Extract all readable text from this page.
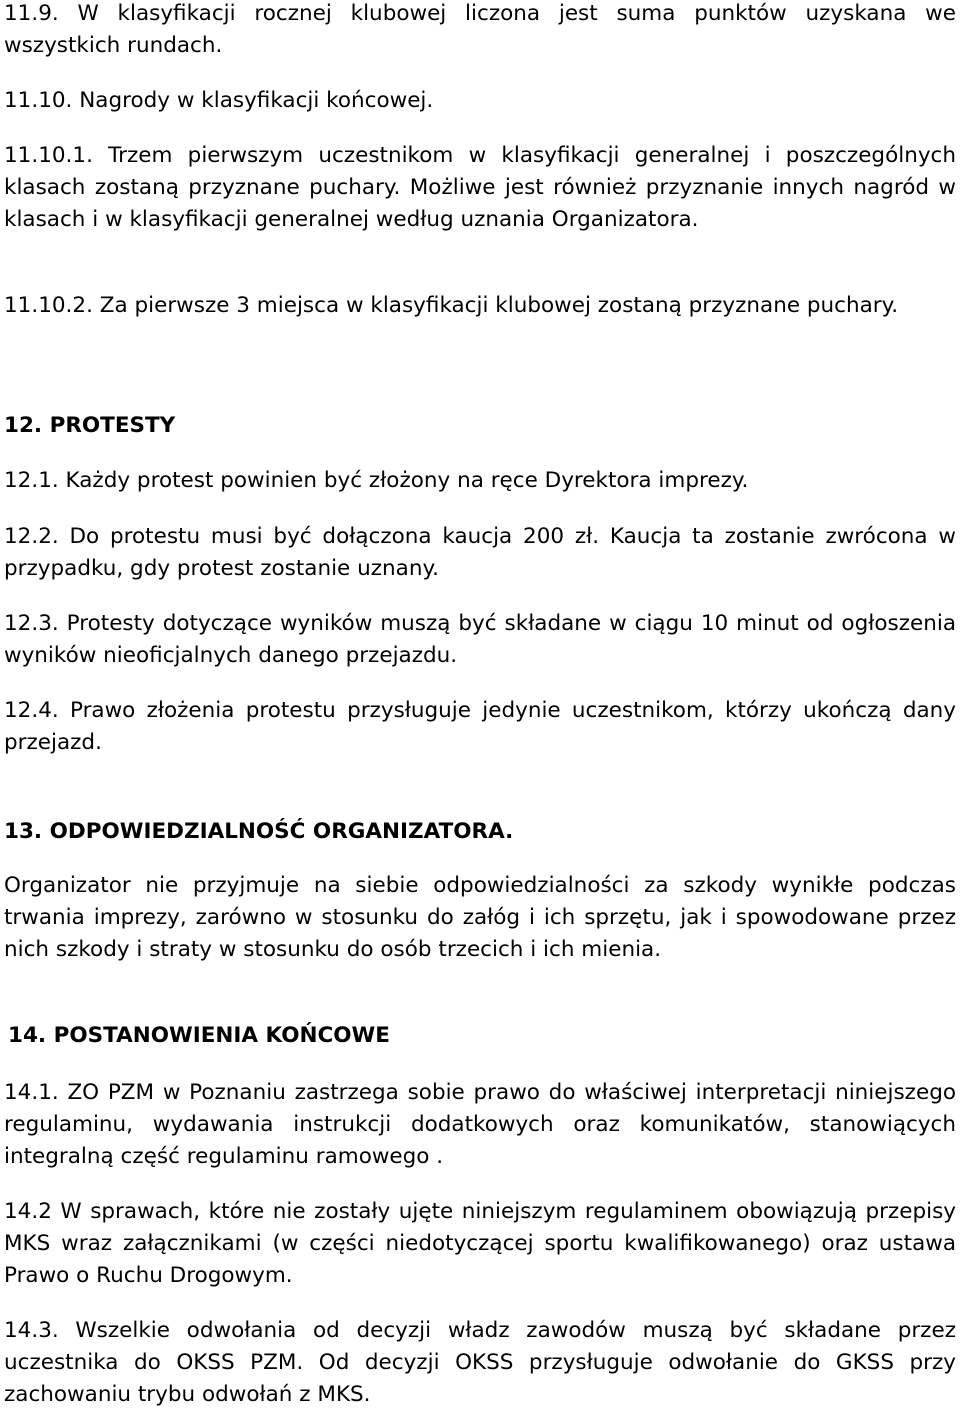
11.9. W klasyfikacji rocznej klubowej liczona jest suma punktów uzyskana we wszystkich rundach.

11.10. Nagrody w klasyfikacji końcowej.

11.10.1. Trzem pierwszym uczestnikom w klasyfikacji generalnej i poszczególnych klasach zostaną przyznane puchary. Możliwe jest również przyznanie innych nagród w klasach i w klasyfikacji generalnej według uznania Organizatora.

11.10.2. Za pierwsze 3 miejsca w klasyfikacji klubowej zostaną przyznane puchary.

12. PROTESTY

12.1. Każdy protest powinien być złożony na ręce Dyrektora imprezy.

12.2. Do protestu musi być dołączona kaucja 200 zł. Kaucja ta zostanie zwrócona w przypadku, gdy protest zostanie uznany.

12.3. Protesty dotyczące wyników muszą być składane w ciągu 10 minut od ogłoszenia wyników nieoficjalnych danego przejazdu.

12.4. Prawo złożenia protestu przysługuje jedynie uczestnikom, którzy ukończą dany przejazd.

13. ODPOWIEDZIALNOŚĆ ORGANIZATORA.

Organizator nie przyjmuje na siebie odpowiedzialności za szkody wynikłe podczas trwania imprezy, zarówno w stosunku do załóg i ich sprzętu, jak i spowodowane przez nich szkody i straty w stosunku do osób trzecich i ich mienia.

14. POSTANOWIENIA KOŃCOWE

14.1. ZO PZM w Poznaniu zastrzega sobie prawo do właściwej interpretacji niniejszego regulaminu, wydawania instrukcji dodatkowych oraz komunikatów, stanowiących integralną część regulaminu ramowego .

14.2 W sprawach, które nie zostały ujęte niniejszym regulaminem obowiązują przepisy MKS wraz załącznikami (w części niedotyczącej sportu kwalifikowanego) oraz ustawa Prawo o Ruchu Drogowym.

14.3. Wszelkie odwołania od decyzji władz zawodów muszą być składane przez uczestnika do OKSS PZM. Od decyzji OKSS przysługuje odwołanie do GKSS przy zachowaniu trybu odwołań z MKS.
